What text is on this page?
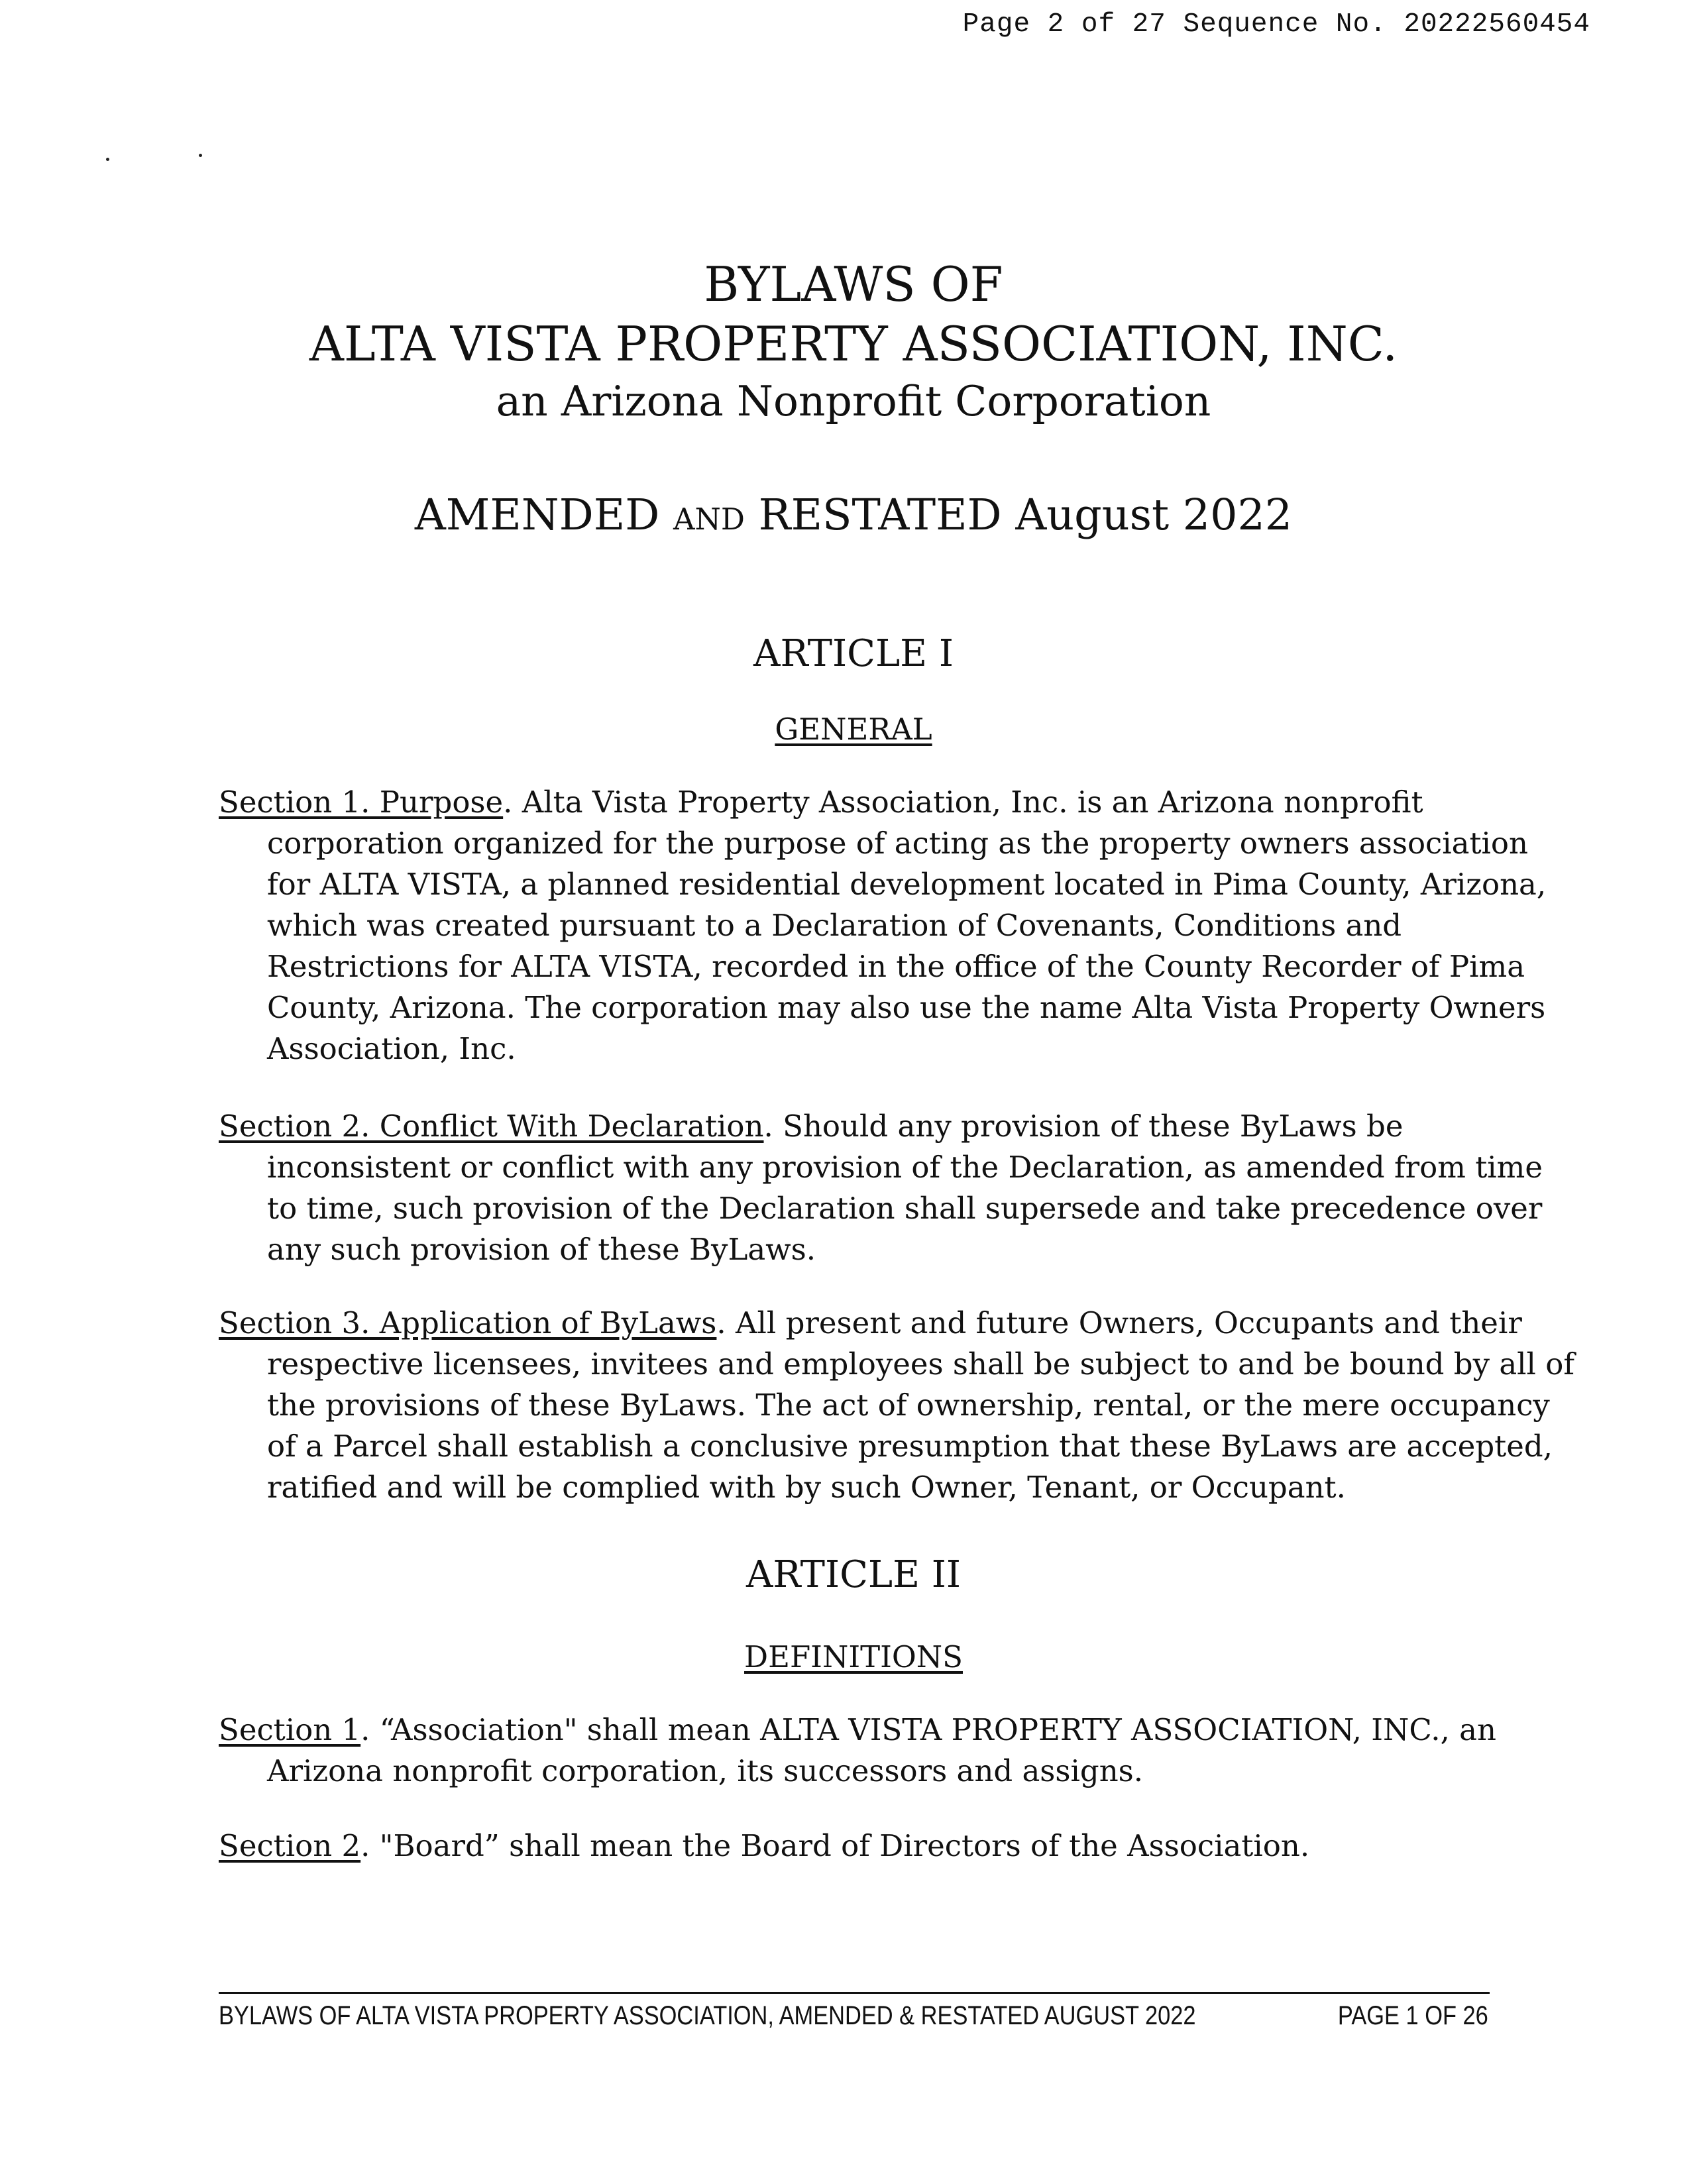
Page 2 of 27 Sequence No. 20222560454
BYLAWS OF
ALTA VISTA PROPERTY ASSOCIATION, INC.
an Arizona Nonprofit Corporation
AMENDED AND RESTATED August 2022
ARTICLE I
GENERAL
Section 1. Purpose. Alta Vista Property Association, Inc. is an Arizona nonprofit corporation organized for the purpose of acting as the property owners association for ALTA VISTA, a planned residential development located in Pima County, Arizona, which was created pursuant to a Declaration of Covenants, Conditions and Restrictions for ALTA VISTA, recorded in the office of the County Recorder of Pima County, Arizona. The corporation may also use the name Alta Vista Property Owners Association, Inc.
Section 2. Conflict With Declaration. Should any provision of these ByLaws be inconsistent or conflict with any provision of the Declaration, as amended from time to time, such provision of the Declaration shall supersede and take precedence over any such provision of these ByLaws.
Section 3. Application of ByLaws. All present and future Owners, Occupants and their respective licensees, invitees and employees shall be subject to and be bound by all of the provisions of these ByLaws. The act of ownership, rental, or the mere occupancy of a Parcel shall establish a conclusive presumption that these ByLaws are accepted, ratified and will be complied with by such Owner, Tenant, or Occupant.
ARTICLE II
DEFINITIONS
Section 1. “Association" shall mean ALTA VISTA PROPERTY ASSOCIATION, INC., an Arizona nonprofit corporation, its successors and assigns.
Section 2. "Board” shall mean the Board of Directors of the Association.
BYLAWS OF ALTA VISTA PROPERTY ASSOCIATION, AMENDED & RESTATED AUGUST 2022	PAGE 1 OF 26
